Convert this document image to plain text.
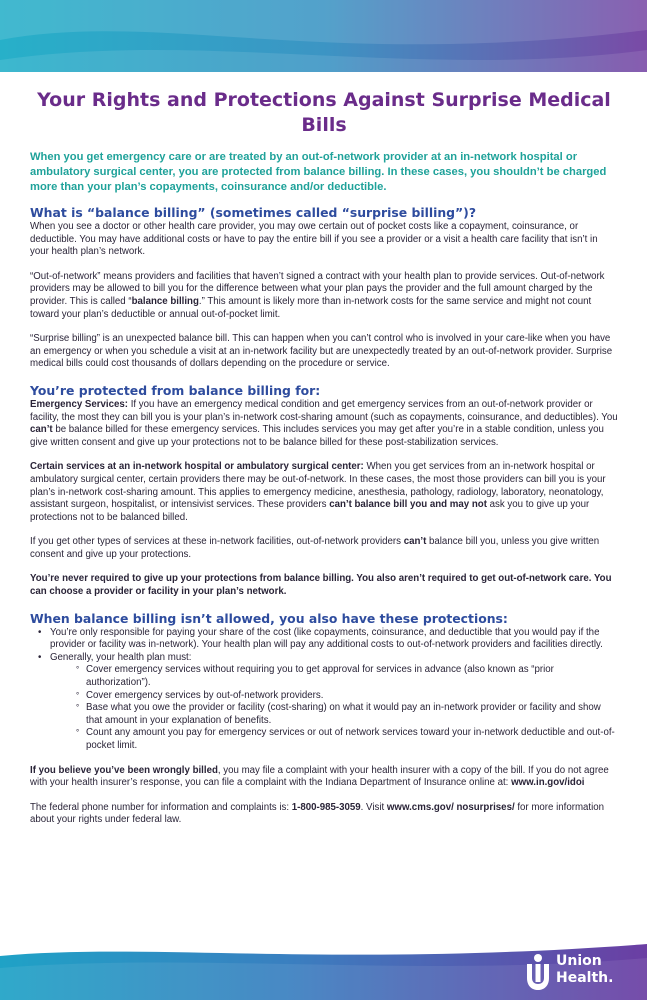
Your Rights and Protections Against Surprise Medical Bills

When you get emergency care or are treated by an out-of-network provider at an in-network hospital or ambulatory surgical center, you are protected from balance billing. In these cases, you shouldn’t be charged more than your plan’s copayments, coinsurance and/or deductible.

What is “balance billing” (sometimes called “surprise billing”)?

When you see a doctor or other health care provider, you may owe certain out of pocket costs like a copayment, coinsurance, or deductible. You may have additional costs or have to pay the entire bill if you see a provider or a visit a health care facility that isn’t in your health plan’s network.

“Out-of-network” means providers and facilities that haven’t signed a contract with your health plan to provide services. Out-of-network providers may be allowed to bill you for the difference between what your plan pays the provider and the full amount charged by the provider. This is called “balance billing.” This amount is likely more than in-network costs for the same service and might not count toward your plan’s deductible or annual out-of-pocket limit.

“Surprise billing” is an unexpected balance bill. This can happen when you can’t control who is involved in your care-like when you have an emergency or when you schedule a visit at an in-network facility but are unexpectedly treated by an out-of-network provider. Surprise medical bills could cost thousands of dollars depending on the procedure or service.

You’re protected from balance billing for:

Emergency Services: If you have an emergency medical condition and get emergency services from an out-of-network provider or facility, the most they can bill you is your plan’s in-network cost-sharing amount (such as copayments, coinsurance, and deductibles). You can’t be balance billed for these emergency services. This includes services you may get after you’re in a stable condition, unless you give written consent and give up your protections not to be balance billed for these post-stabilization services.

Certain services at an in-network hospital or ambulatory surgical center: When you get services from an in-network hospital or ambulatory surgical center, certain providers there may be out-of-network. In these cases, the most those providers can bill you is your plan’s in-network cost-sharing amount. This applies to emergency medicine, anesthesia, pathology, radiology, laboratory, neonatology, assistant surgeon, hospitalist, or intensivist services. These providers can’t balance bill you and may not ask you to give up your protections not to be balanced billed.

If you get other types of services at these in-network facilities, out-of-network providers can’t balance bill you, unless you give written consent and give up your protections.

You’re never required to give up your protections from balance billing. You also aren’t required to get out-of-network care. You can choose a provider or facility in your plan’s network.

When balance billing isn’t allowed, you also have these protections:
• You’re only responsible for paying your share of the cost (like copayments, coinsurance, and deductible that you would pay if the provider or facility was in-network). Your health plan will pay any additional costs to out-of-network providers and facilities directly.
• Generally, your health plan must:
° Cover emergency services without requiring you to get approval for services in advance (also known as “prior authorization”).
° Cover emergency services by out-of-network providers.
° Base what you owe the provider or facility (cost-sharing) on what it would pay an in-network provider or facility and show that amount in your explanation of benefits.
° Count any amount you pay for emergency services or out of network services toward your in-network deductible and out-of-pocket limit.

If you believe you’ve been wrongly billed, you may file a complaint with your health insurer with a copy of the bill. If you do not agree with your health insurer’s response, you can file a complaint with the Indiana Department of Insurance online at: www.in.gov/idoi

The federal phone number for information and complaints is: 1-800-985-3059. Visit www.cms.gov/ nosurprises/ for more information about your rights under federal law.

Union
Health.
